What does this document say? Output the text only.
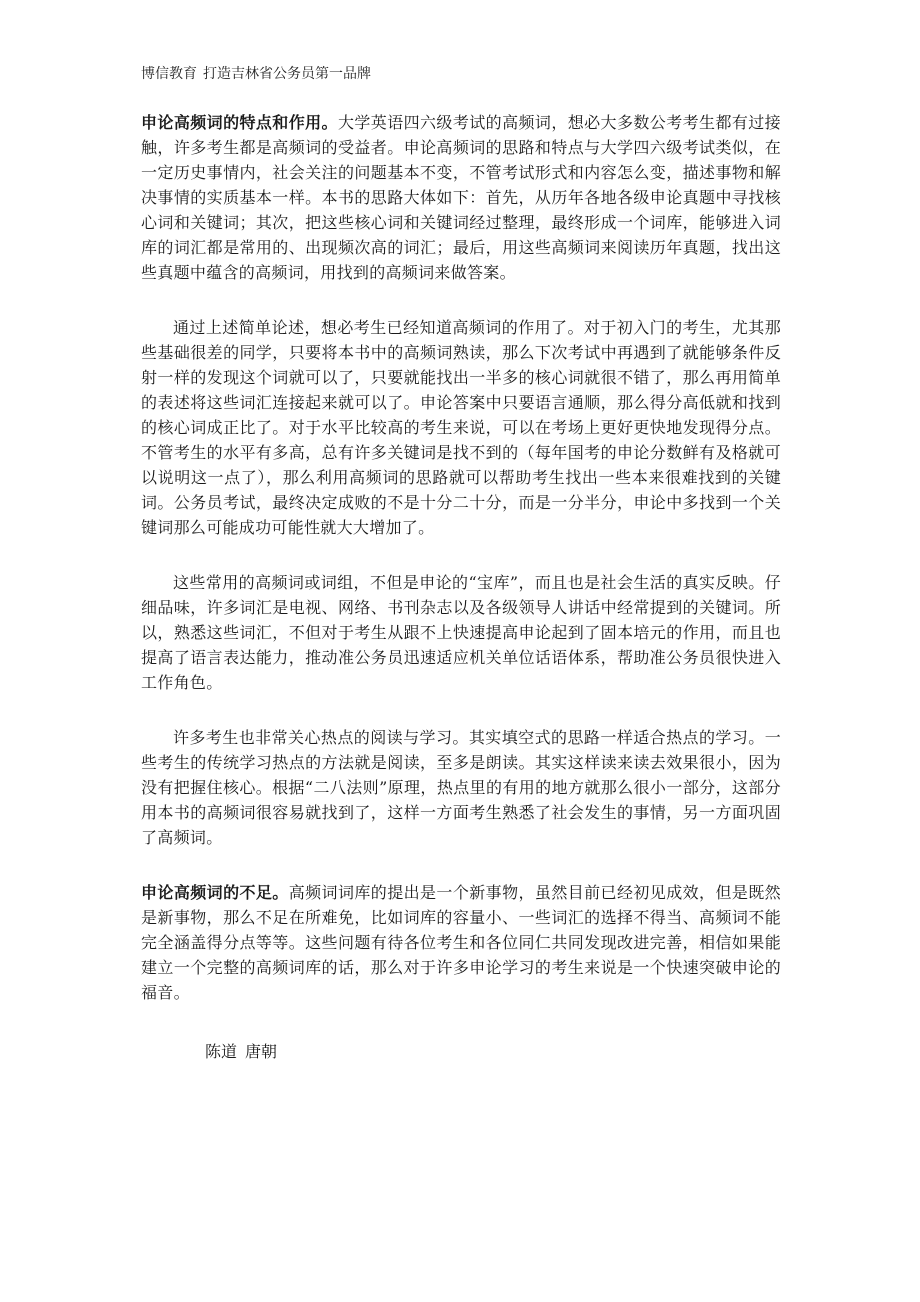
博信教育 打造吉林省公务员第一品牌

申论高频词的特点和作用。大学英语四六级考试的高频词，想必大多数公考考生都有过接触，许多考生都是高频词的受益者。申论高频词的思路和特点与大学四六级考试类似，在一定历史事情内，社会关注的问题基本不变，不管考试形式和内容怎么变，描述事物和解决事情的实质基本一样。本书的思路大体如下：首先，从历年各地各级申论真题中寻找核心词和关键词；其次，把这些核心词和关键词经过整理，最终形成一个词库，能够进入词库的词汇都是常用的、出现频次高的词汇；最后，用这些高频词来阅读历年真题，找出这些真题中蕴含的高频词，用找到的高频词来做答案。

通过上述简单论述，想必考生已经知道高频词的作用了。对于初入门的考生，尤其那些基础很差的同学，只要将本书中的高频词熟读，那么下次考试中再遇到了就能够条件反射一样的发现这个词就可以了，只要就能找出一半多的核心词就很不错了，那么再用简单的表述将这些词汇连接起来就可以了。申论答案中只要语言通顺，那么得分高低就和找到的核心词成正比了。对于水平比较高的考生来说，可以在考场上更好更快地发现得分点。不管考生的水平有多高，总有许多关键词是找不到的（每年国考的申论分数鲜有及格就可以说明这一点了），那么利用高频词的思路就可以帮助考生找出一些本来很难找到的关键词。公务员考试，最终决定成败的不是十分二十分，而是一分半分，申论中多找到一个关键词那么可能成功可能性就大大增加了。

这些常用的高频词或词组，不但是申论的“宝库”，而且也是社会生活的真实反映。仔细品味，许多词汇是电视、网络、书刊杂志以及各级领导人讲话中经常提到的关键词。所以，熟悉这些词汇，不但对于考生从跟不上快速提高申论起到了固本培元的作用，而且也提高了语言表达能力，推动准公务员迅速适应机关单位话语体系，帮助准公务员很快进入工作角色。

许多考生也非常关心热点的阅读与学习。其实填空式的思路一样适合热点的学习。一些考生的传统学习热点的方法就是阅读，至多是朗读。其实这样读来读去效果很小，因为没有把握住核心。根据“二八法则”原理，热点里的有用的地方就那么很小一部分，这部分用本书的高频词很容易就找到了，这样一方面考生熟悉了社会发生的事情，另一方面巩固了高频词。

申论高频词的不足。高频词词库的提出是一个新事物，虽然目前已经初见成效，但是既然是新事物，那么不足在所难免，比如词库的容量小、一些词汇的选择不得当、高频词不能完全涵盖得分点等等。这些问题有待各位考生和各位同仁共同发现改进完善，相信如果能建立一个完整的高频词库的话，那么对于许多申论学习的考生来说是一个快速突破申论的福音。

陈道 唐朝
